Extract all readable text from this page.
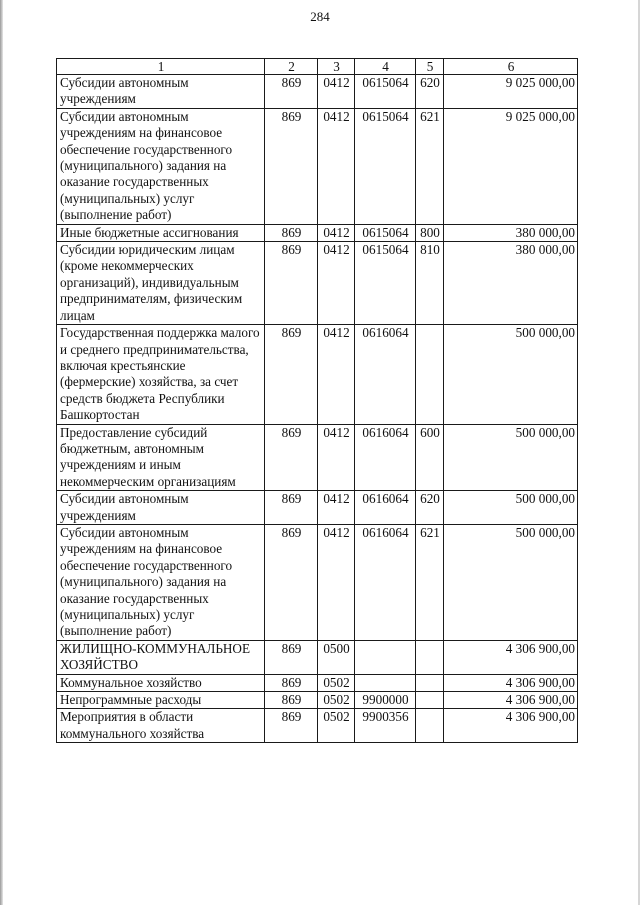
284
1	2	3	4	5	6
Субсидии автономным учреждениям	869	0412	0615064	620	9 025 000,00
Субсидии автономным учреждениям на финансовое обеспечение государственного (муниципального) задания на оказание государственных (муниципальных) услуг (выполнение работ)	869	0412	0615064	621	9 025 000,00
Иные бюджетные ассигнования	869	0412	0615064	800	380 000,00
Субсидии юридическим лицам (кроме некоммерческих организаций), индивидуальным предпринимателям, физическим лицам	869	0412	0615064	810	380 000,00
Государственная поддержка малого и среднего предпринимательства, включая крестьянские (фермерские) хозяйства, за счет средств бюджета Республики Башкортостан	869	0412	0616064		500 000,00
Предоставление субсидий бюджетным, автономным учреждениям и иным некоммерческим организациям	869	0412	0616064	600	500 000,00
Субсидии автономным учреждениям	869	0412	0616064	620	500 000,00
Субсидии автономным учреждениям на финансовое обеспечение государственного (муниципального) задания на оказание государственных (муниципальных) услуг (выполнение работ)	869	0412	0616064	621	500 000,00
ЖИЛИЩНО-КОММУНАЛЬНОЕ ХОЗЯЙСТВО	869	0500			4 306 900,00
Коммунальное хозяйство	869	0502			4 306 900,00
Непрограммные расходы	869	0502	9900000		4 306 900,00
Мероприятия в области коммунального хозяйства	869	0502	9900356		4 306 900,00
